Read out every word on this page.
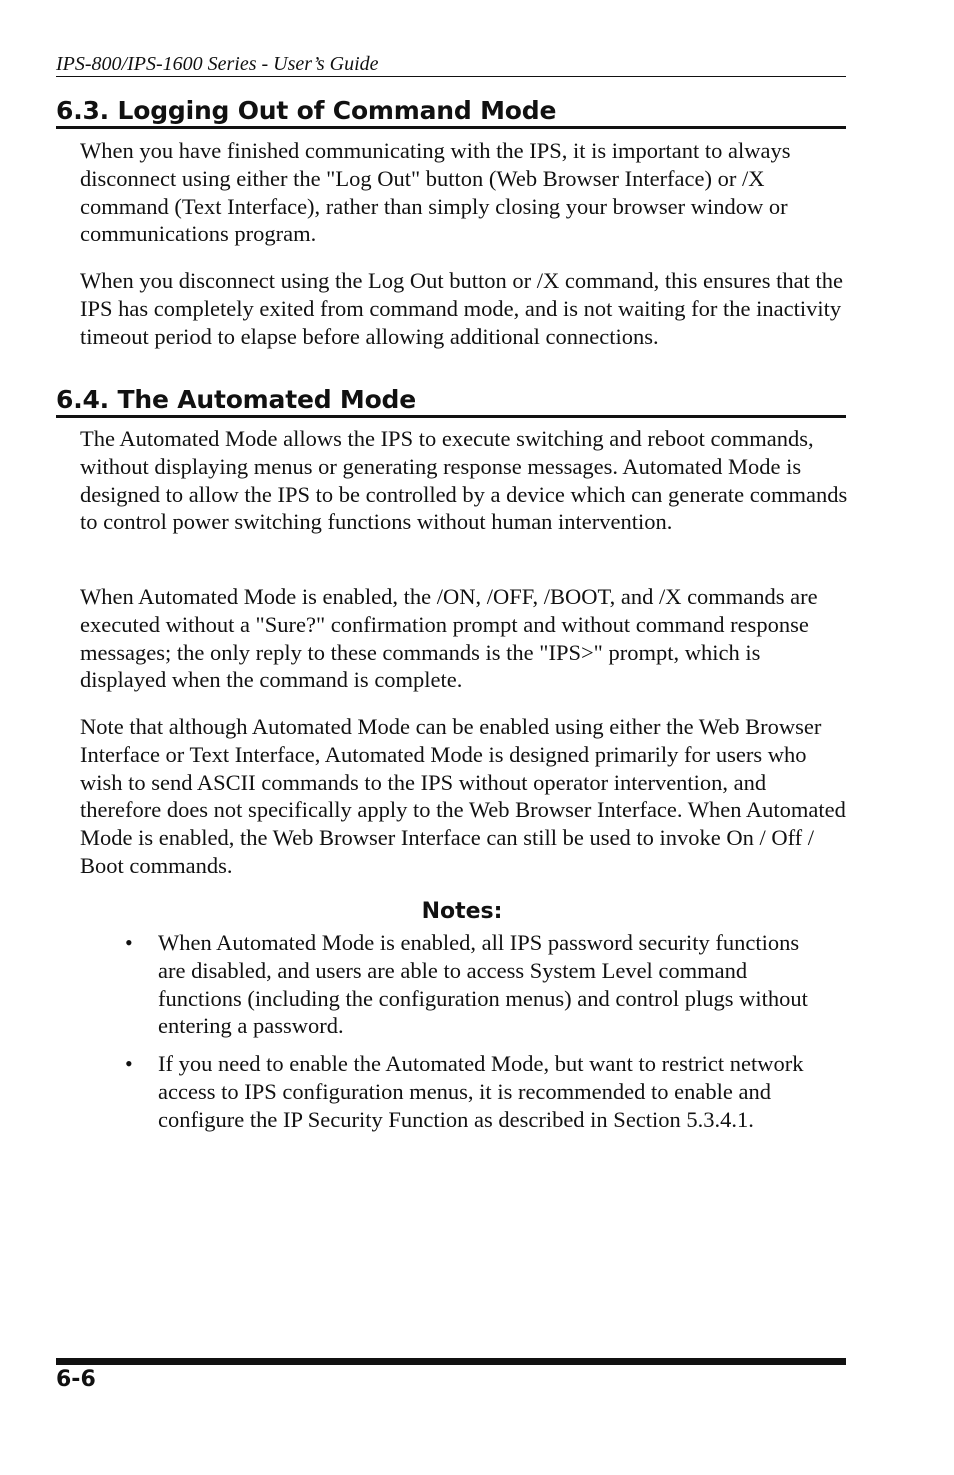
IPS-800/IPS-1600 Series - User’s Guide
6.3. Logging Out of Command Mode

When you have finished communicating with the IPS, it is important to always disconnect using either the "Log Out" button (Web Browser Interface) or /X command (Text Interface), rather than simply closing your browser window or communications program.

When you disconnect using the Log Out button or /X command, this ensures that the IPS has completely exited from command mode, and is not waiting for the inactivity timeout period to elapse before allowing additional connections.

6.4. The Automated Mode

The Automated Mode allows the IPS to execute switching and reboot commands, without displaying menus or generating response messages. Automated Mode is designed to allow the IPS to be controlled by a device which can generate commands to control power switching functions without human intervention.

When Automated Mode is enabled, the /ON, /OFF, /BOOT, and /X commands are executed without a "Sure?" confirmation prompt and without command response messages; the only reply to these commands is the "IPS>" prompt, which is displayed when the command is complete.

Note that although Automated Mode can be enabled using either the Web Browser Interface or Text Interface, Automated Mode is designed primarily for users who wish to send ASCII commands to the IPS without operator intervention, and therefore does not specifically apply to the Web Browser Interface. When Automated Mode is enabled, the Web Browser Interface can still be used to invoke On / Off / Boot commands.

Notes:
• When Automated Mode is enabled, all IPS password security functions are disabled, and users are able to access System Level command functions (including the configuration menus) and control plugs without entering a password.

• If you need to enable the Automated Mode, but want to restrict network access to IPS configuration menus, it is recommended to enable and configure the IP Security Function as described in Section 5.3.4.1.

6-6
